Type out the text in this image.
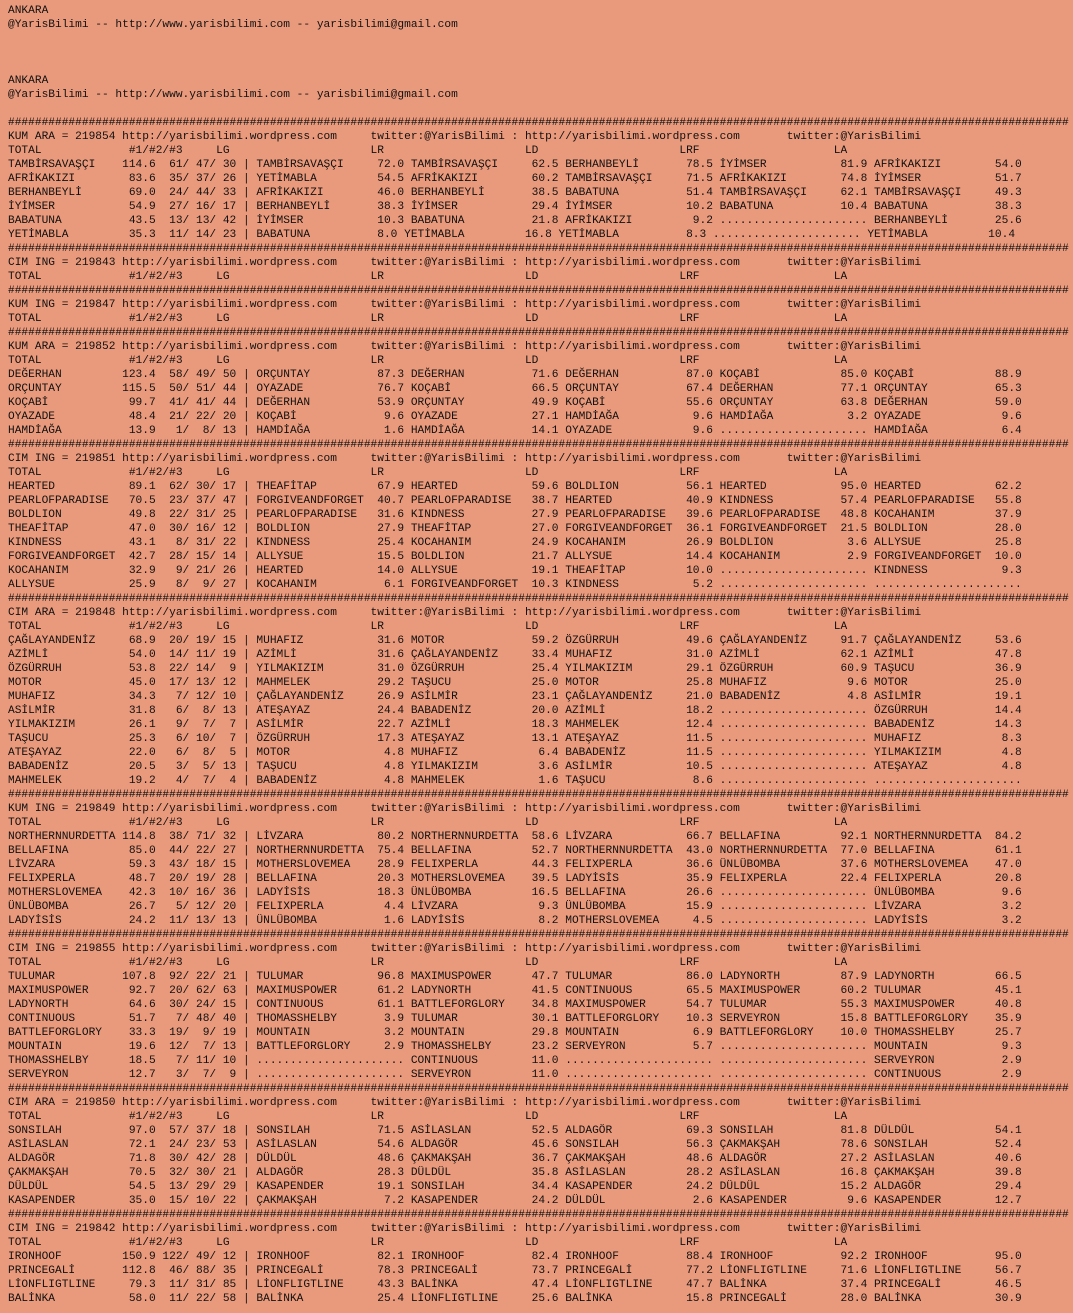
ANKARA
@YarisBilimi -- http://www.yarisbilimi.com -- yarisbilimi@gmail.com

ANKARA
@YarisBilimi -- http://www.yarisbilimi.com -- yarisbilimi@gmail.com

##############################################################################################################################################################
KUM ARA = 219854 http://yarisbilimi.wordpress.com     twitter:@YarisBilimi : http://yarisbilimi.wordpress.com       twitter:@YarisBilimi
TOTAL             #1/#2/#3     LG                     LR                     LD                     LRF                    LA
TAMBİRSAVAŞÇI    114.6  61/ 47/ 30 | TAMBİRSAVAŞÇI     72.0 TAMBİRSAVAŞÇI     62.5 BERHANBEYLİ       78.5 İYİMSER           81.9 AFRİKAKIZI        54.0
AFRİKAKIZI        83.6  35/ 37/ 26 | YETİMABLA         54.5 AFRİKAKIZI        60.2 TAMBİRSAVAŞÇI     71.5 AFRİKAKIZI        74.8 İYİMSER           51.7
BERHANBEYLİ       69.0  24/ 44/ 33 | AFRİKAKIZI        46.0 BERHANBEYLİ       38.5 BABATUNA          51.4 TAMBİRSAVAŞÇI     62.1 TAMBİRSAVAŞÇI     49.3
İYİMSER           54.9  27/ 16/ 17 | BERHANBEYLİ       38.3 İYİMSER           29.4 İYİMSER           10.2 BABATUNA          10.4 BABATUNA          38.3
BABATUNA          43.5  13/ 13/ 42 | İYİMSER           10.3 BABATUNA          21.8 AFRİKAKIZI         9.2 ...................... BERHANBEYLİ       25.6
YETİMABLA         35.3  11/ 14/ 23 | BABATUNA          8.0 YETİMABLA         16.8 YETİMABLA          8.3 ...................... YETİMABLA         10.4
##############################################################################################################################################################
CIM ING = 219843 http://yarisbilimi.wordpress.com     twitter:@YarisBilimi : http://yarisbilimi.wordpress.com       twitter:@YarisBilimi
TOTAL             #1/#2/#3     LG                     LR                     LD                     LRF                    LA
##############################################################################################################################################################
KUM ING = 219847 http://yarisbilimi.wordpress.com     twitter:@YarisBilimi : http://yarisbilimi.wordpress.com       twitter:@YarisBilimi
TOTAL             #1/#2/#3     LG                     LR                     LD                     LRF                    LA
##############################################################################################################################################################
KUM ARA = 219852 http://yarisbilimi.wordpress.com     twitter:@YarisBilimi : http://yarisbilimi.wordpress.com       twitter:@YarisBilimi
TOTAL             #1/#2/#3     LG                     LR                     LD                     LRF                    LA
DEĞERHAN         123.4  58/ 49/ 50 | ORÇUNTAY          87.3 DEĞERHAN          71.6 DEĞERHAN          87.0 KOÇABİ            85.0 KOÇABİ            88.9
ORÇUNTAY         115.5  50/ 51/ 44 | OYAZADE           76.7 KOÇABİ            66.5 ORÇUNTAY          67.4 DEĞERHAN          77.1 ORÇUNTAY          65.3
KOÇABİ            99.7  41/ 41/ 44 | DEĞERHAN          53.9 ORÇUNTAY          49.9 KOÇABİ            55.6 ORÇUNTAY          63.8 DEĞERHAN          59.0
OYAZADE           48.4  21/ 22/ 20 | KOÇABİ             9.6 OYAZADE           27.1 HAMDİAĞA           9.6 HAMDİAĞA           3.2 OYAZADE            9.6
HAMDİAĞA          13.9   1/  8/ 13 | HAMDİAĞA           1.6 HAMDİAĞA          14.1 OYAZADE            9.6 ...................... HAMDİAĞA           6.4
##############################################################################################################################################################
CIM ING = 219851 http://yarisbilimi.wordpress.com     twitter:@YarisBilimi : http://yarisbilimi.wordpress.com       twitter:@YarisBilimi
TOTAL             #1/#2/#3     LG                     LR                     LD                     LRF                    LA
HEARTED           89.1  62/ 30/ 17 | THEAFİTAP         67.9 HEARTED           59.6 BOLDLION          56.1 HEARTED           95.0 HEARTED           62.2
PEARLOFPARADISE   70.5  23/ 37/ 47 | FORGIVEANDFORGET  40.7 PEARLOFPARADISE   38.7 HEARTED           40.9 KINDNESS          57.4 PEARLOFPARADISE   55.8
BOLDLION          49.8  22/ 31/ 25 | PEARLOFPARADISE   31.6 KINDNESS          27.9 PEARLOFPARADISE   39.6 PEARLOFPARADISE   48.8 KOCAHANIM         37.9
THEAFİTAP         47.0  30/ 16/ 12 | BOLDLION          27.9 THEAFİTAP         27.0 FORGIVEANDFORGET  36.1 FORGIVEANDFORGET  21.5 BOLDLION          28.0
KINDNESS          43.1   8/ 31/ 22 | KINDNESS          25.4 KOCAHANIM         24.9 KOCAHANIM         26.9 BOLDLION           3.6 ALLYSUE           25.8
FORGIVEANDFORGET  42.7  28/ 15/ 14 | ALLYSUE           15.5 BOLDLION          21.7 ALLYSUE           14.4 KOCAHANIM          2.9 FORGIVEANDFORGET  10.0
KOCAHANIM         32.9   9/ 21/ 26 | HEARTED           14.0 ALLYSUE           19.1 THEAFİTAP         10.0 ...................... KINDNESS           9.3
ALLYSUE           25.9   8/  9/ 27 | KOCAHANIM          6.1 FORGIVEANDFORGET  10.3 KINDNESS           5.2 ...................... ......................
##############################################################################################################################################################
CIM ARA = 219848 http://yarisbilimi.wordpress.com     twitter:@YarisBilimi : http://yarisbilimi.wordpress.com       twitter:@YarisBilimi
TOTAL             #1/#2/#3     LG                     LR                     LD                     LRF                    LA
ÇAĞLAYANDENİZ     68.9  20/ 19/ 15 | MUHAFIZ           31.6 MOTOR             59.2 ÖZGÜRRUH          49.6 ÇAĞLAYANDENİZ     91.7 ÇAĞLAYANDENİZ     53.6
AZİMLİ            54.0  14/ 11/ 19 | AZİMLİ            31.6 ÇAĞLAYANDENİZ     33.4 MUHAFIZ           31.0 AZİMLİ            62.1 AZİMLİ            47.8
ÖZGÜRRUH          53.8  22/ 14/  9 | YILMAKIZIM        31.0 ÖZGÜRRUH          25.4 YILMAKIZIM        29.1 ÖZGÜRRUH          60.9 TAŞUCU            36.9
MOTOR             45.0  17/ 13/ 12 | MAHMELEK          29.2 TAŞUCU            25.0 MOTOR             25.8 MUHAFIZ            9.6 MOTOR             25.0
MUHAFIZ           34.3   7/ 12/ 10 | ÇAĞLAYANDENİZ     26.9 ASİLMİR           23.1 ÇAĞLAYANDENİZ     21.0 BABADENİZ          4.8 ASİLMİR           19.1
ASİLMİR           31.8   6/  8/ 13 | ATEŞAYAZ          24.4 BABADENİZ         20.0 AZİMLİ            18.2 ...................... ÖZGÜRRUH          14.4
YILMAKIZIM        26.1   9/  7/  7 | ASİLMİR           22.7 AZİMLİ            18.3 MAHMELEK          12.4 ...................... BABADENİZ         14.3
TAŞUCU            25.3   6/ 10/  7 | ÖZGÜRRUH          17.3 ATEŞAYAZ          13.1 ATEŞAYAZ          11.5 ...................... MUHAFIZ            8.3
ATEŞAYAZ          22.0   6/  8/  5 | MOTOR              4.8 MUHAFIZ            6.4 BABADENİZ         11.5 ...................... YILMAKIZIM         4.8
BABADENİZ         20.5   3/  5/ 13 | TAŞUCU             4.8 YILMAKIZIM         3.6 ASİLMİR           10.5 ...................... ATEŞAYAZ           4.8
MAHMELEK          19.2   4/  7/  4 | BABADENİZ          4.8 MAHMELEK           1.6 TAŞUCU             8.6 ...................... ......................
##############################################################################################################################################################
KUM ING = 219849 http://yarisbilimi.wordpress.com     twitter:@YarisBilimi : http://yarisbilimi.wordpress.com       twitter:@YarisBilimi
TOTAL             #1/#2/#3     LG                     LR                     LD                     LRF                    LA
NORTHERNNURDETTA 114.8  38/ 71/ 32 | LİVZARA           80.2 NORTHERNNURDETTA  58.6 LİVZARA           66.7 BELLAFINA         92.1 NORTHERNNURDETTA  84.2
BELLAFINA         85.0  44/ 22/ 27 | NORTHERNNURDETTA  75.4 BELLAFINA         52.7 NORTHERNNURDETTA  43.0 NORTHERNNURDETTA  77.0 BELLAFINA         61.1
LİVZARA           59.3  43/ 18/ 15 | MOTHERSLOVEMEA    28.9 FELIXPERLA        44.3 FELIXPERLA        36.6 ÜNLÜBOMBA         37.6 MOTHERSLOVEMEA    47.0
FELIXPERLA        48.7  20/ 19/ 28 | BELLAFINA         20.3 MOTHERSLOVEMEA    39.5 LADYİSİS          35.9 FELIXPERLA        22.4 FELIXPERLA        20.8
MOTHERSLOVEMEA    42.3  10/ 16/ 36 | LADYİSİS          18.3 ÜNLÜBOMBA         16.5 BELLAFINA         26.6 ...................... ÜNLÜBOMBA          9.6
ÜNLÜBOMBA         26.7   5/ 12/ 20 | FELIXPERLA         4.4 LİVZARA            9.3 ÜNLÜBOMBA         15.9 ...................... LİVZARA            3.2
LADYİSİS          24.2  11/ 13/ 13 | ÜNLÜBOMBA          1.6 LADYİSİS           8.2 MOTHERSLOVEMEA     4.5 ...................... LADYİSİS           3.2
##############################################################################################################################################################
CIM ING = 219855 http://yarisbilimi.wordpress.com     twitter:@YarisBilimi : http://yarisbilimi.wordpress.com       twitter:@YarisBilimi
TOTAL             #1/#2/#3     LG                     LR                     LD                     LRF                    LA
TULUMAR          107.8  92/ 22/ 21 | TULUMAR           96.8 MAXIMUSPOWER      47.7 TULUMAR           86.0 LADYNORTH         87.9 LADYNORTH         66.5
MAXIMUSPOWER      92.7  20/ 62/ 63 | MAXIMUSPOWER      61.2 LADYNORTH         41.5 CONTINUOUS        65.5 MAXIMUSPOWER      60.2 TULUMAR           45.1
LADYNORTH         64.6  30/ 24/ 15 | CONTINUOUS        61.1 BATTLEFORGLORY    34.8 MAXIMUSPOWER      54.7 TULUMAR           55.3 MAXIMUSPOWER      40.8
CONTINUOUS        51.7   7/ 48/ 40 | THOMASSHELBY       3.9 TULUMAR           30.1 BATTLEFORGLORY    10.3 SERVEYRON         15.8 BATTLEFORGLORY    35.9
BATTLEFORGLORY    33.3  19/  9/ 19 | MOUNTAIN           3.2 MOUNTAIN          29.8 MOUNTAIN           6.9 BATTLEFORGLORY    10.0 THOMASSHELBY      25.7
MOUNTAIN          19.6  12/  7/ 13 | BATTLEFORGLORY     2.9 THOMASSHELBY      23.2 SERVEYRON          5.7 ...................... MOUNTAIN           9.3
THOMASSHELBY      18.5   7/ 11/ 10 | ...................... CONTINUOUS        11.0 ...................... ...................... SERVEYRON          2.9
SERVEYRON         12.7   3/  7/  9 | ...................... SERVEYRON         11.0 ...................... ...................... CONTINUOUS         2.9
##############################################################################################################################################################
CIM ARA = 219850 http://yarisbilimi.wordpress.com     twitter:@YarisBilimi : http://yarisbilimi.wordpress.com       twitter:@YarisBilimi
TOTAL             #1/#2/#3     LG                     LR                     LD                     LRF                    LA
SONSILAH          97.0  57/ 37/ 18 | SONSILAH          71.5 ASİLASLAN         52.5 ALDAGÖR           69.3 SONSILAH          81.8 DÜLDÜL            54.1
ASİLASLAN         72.1  24/ 23/ 53 | ASİLASLAN         54.6 ALDAGÖR           45.6 SONSILAH          56.3 ÇAKMAKŞAH         78.6 SONSILAH          52.4
ALDAGÖR           71.8  30/ 42/ 28 | DÜLDÜL            48.6 ÇAKMAKŞAH         36.7 ÇAKMAKŞAH         48.6 ALDAGÖR           27.2 ASİLASLAN         40.6
ÇAKMAKŞAH         70.5  32/ 30/ 21 | ALDAGÖR           28.3 DÜLDÜL            35.8 ASİLASLAN         28.2 ASİLASLAN         16.8 ÇAKMAKŞAH         39.8
DÜLDÜL            54.5  13/ 29/ 29 | KASAPENDER        19.1 SONSILAH          34.4 KASAPENDER        24.2 DÜLDÜL            15.2 ALDAGÖR           29.4
KASAPENDER        35.0  15/ 10/ 22 | ÇAKMAKŞAH          7.2 KASAPENDER        24.2 DÜLDÜL             2.6 KASAPENDER         9.6 KASAPENDER        12.7
##############################################################################################################################################################
CIM ING = 219842 http://yarisbilimi.wordpress.com     twitter:@YarisBilimi : http://yarisbilimi.wordpress.com       twitter:@YarisBilimi
TOTAL             #1/#2/#3     LG                     LR                     LD                     LRF                    LA
IRONHOOF         150.9 122/ 49/ 12 | IRONHOOF          82.1 IRONHOOF          82.4 IRONHOOF          88.4 IRONHOOF          92.2 IRONHOOF          95.0
PRINCEGALİ       112.8  46/ 88/ 35 | PRINCEGALİ        78.3 PRINCEGALİ        73.7 PRINCEGALİ        77.2 LİONFLIGTLINE     71.6 LİONFLIGTLINE     56.7
LİONFLIGTLINE     79.3  11/ 31/ 85 | LİONFLIGTLINE     43.3 BALİNKA           47.4 LİONFLIGTLINE     47.7 BALİNKA           37.4 PRINCEGALİ        46.5
BALİNKA           58.0  11/ 22/ 58 | BALİNKA           25.4 LİONFLIGTLINE     25.6 BALİNKA           15.8 PRINCEGALİ        28.0 BALİNKA           30.9
